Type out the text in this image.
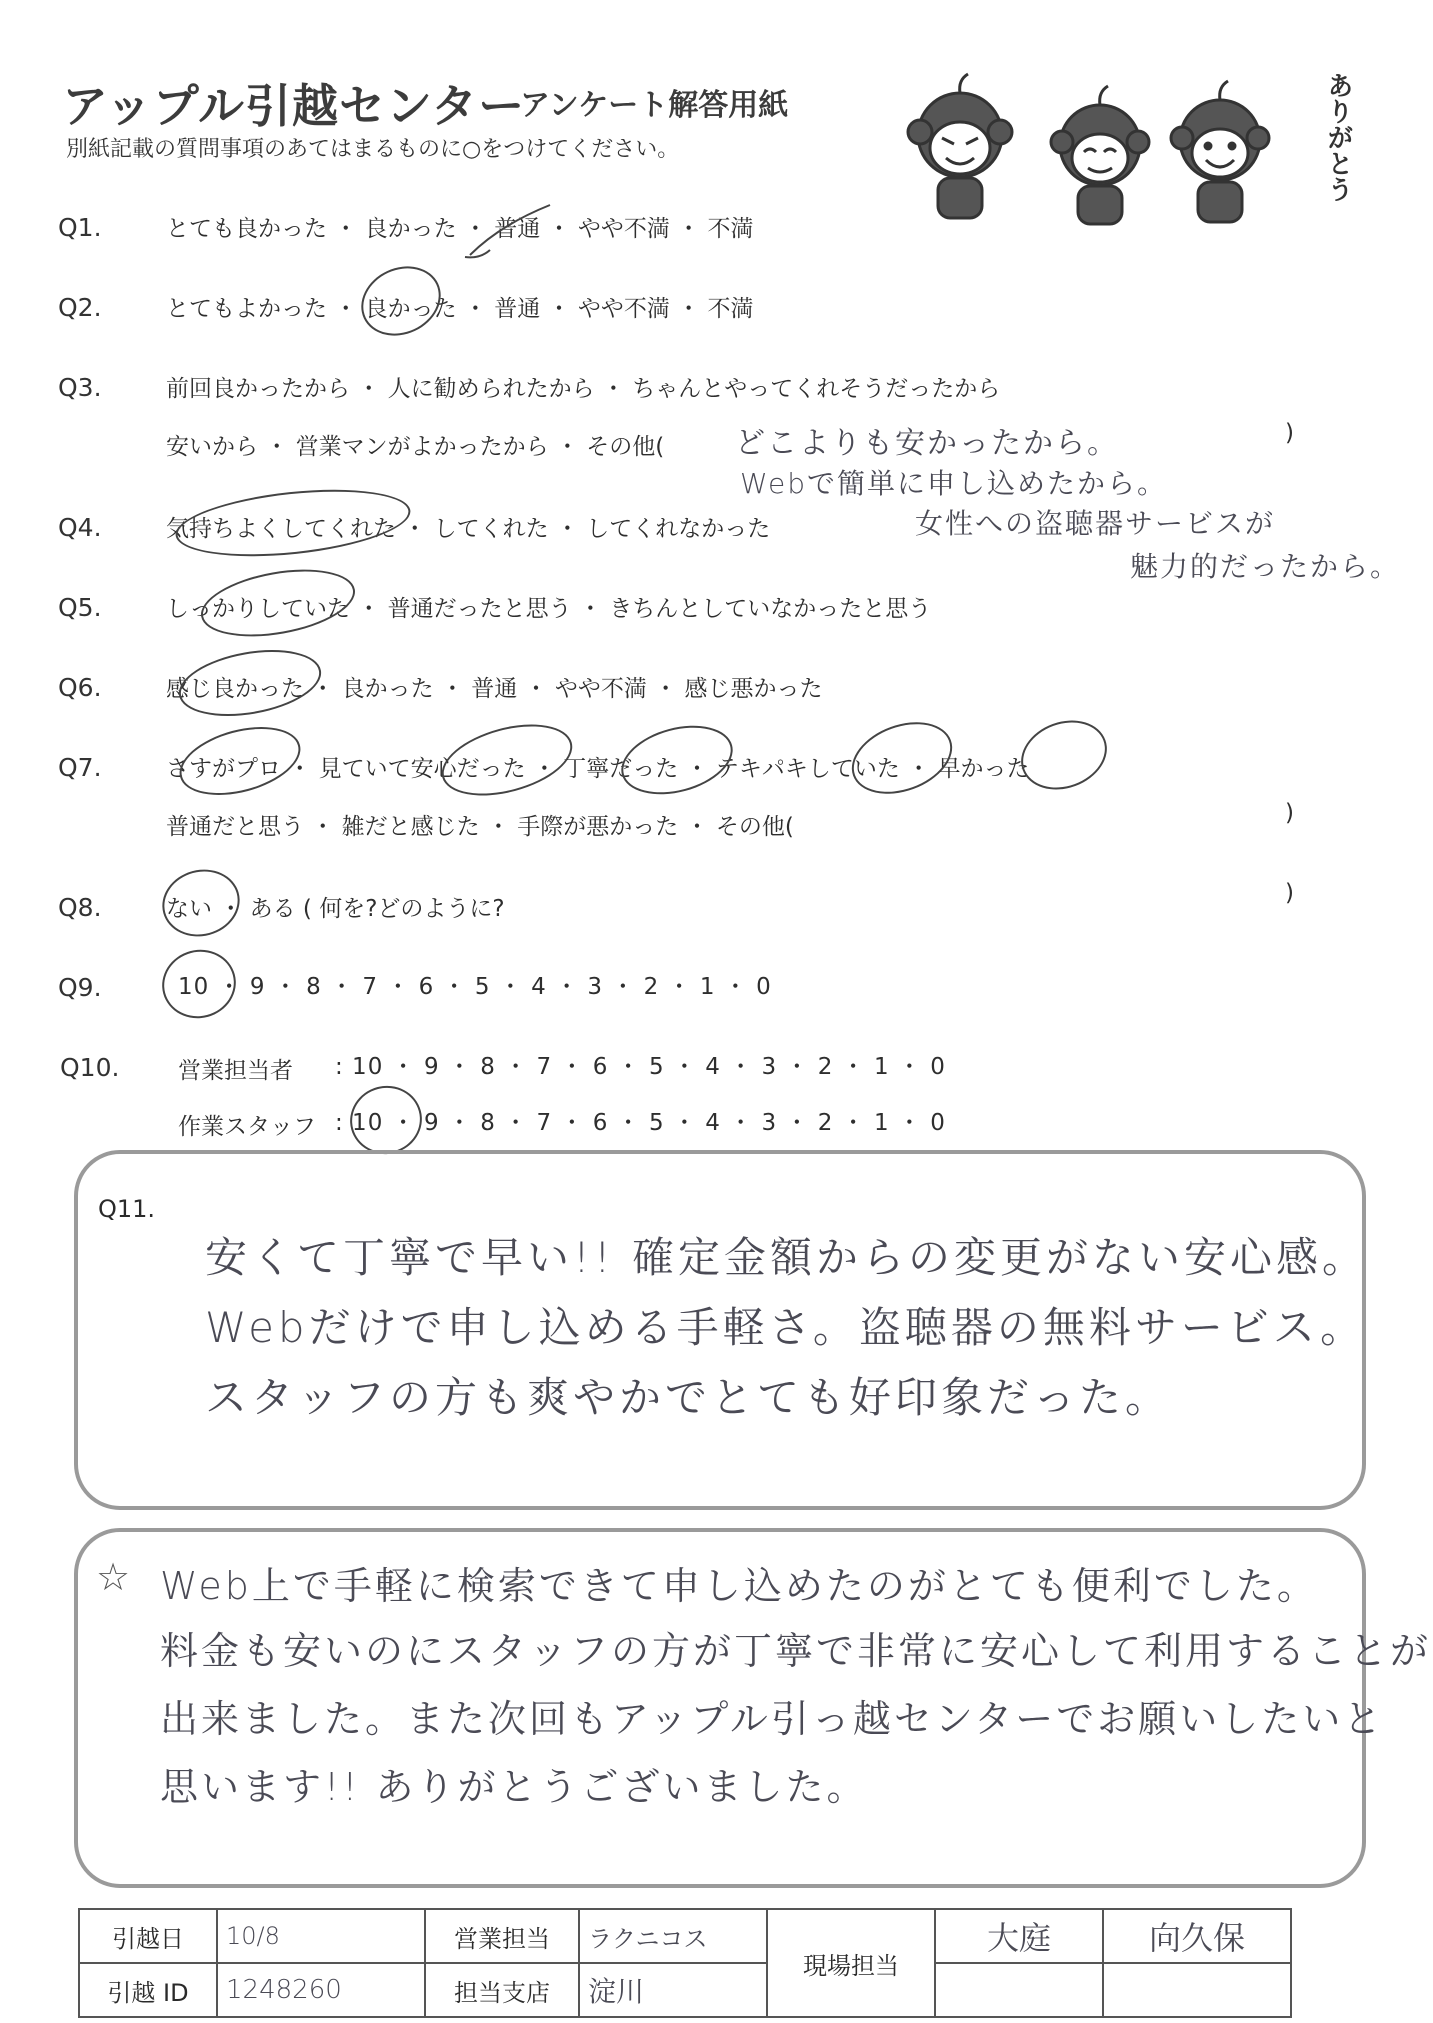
アップル引越センター
アンケート解答用紙
別紙記載の質問事項のあてはまるものに○をつけてください。	ありがとう
Q1.	とても良かった ・ 良かった ・ 普通 ・ やや不満 ・ 不満
Q2.	とてもよかった ・ 良かった ・ 普通 ・ やや不満 ・ 不満
Q3.	前回良かったから ・ 人に勧められたから ・ ちゃんとやってくれそうだったから
安いから ・ 営業マンがよかったから ・ その他(
)
どこよりも安かったから。
Webで簡単に申し込めたから。
女性への盗聴器サービスが
魅力的だったから。
Q4.	気持ちよくしてくれた ・ してくれた ・ してくれなかった
Q5.	しっかりしていた ・ 普通だったと思う ・ きちんとしていなかったと思う
Q6.	感じ良かった ・ 良かった ・ 普通 ・ やや不満 ・ 感じ悪かった
Q7.	さすがプロ ・ 見ていて安心だった ・ 丁寧だった ・ テキパキしていた ・ 早かった
普通だと思う ・ 雑だと感じた ・ 手際が悪かった ・ その他(
)
Q8.	ない ・ ある ( 何を?どのように?
)
Q9.	10 ・ 9 ・ 8 ・ 7 ・ 6 ・ 5 ・ 4 ・ 3 ・ 2 ・ 1 ・ 0
Q10.	営業担当者 : 10 ・ 9 ・ 8 ・ 7 ・ 6 ・ 5 ・ 4 ・ 3 ・ 2 ・ 1 ・ 0
作業スタッフ : 10 ・ 9 ・ 8 ・ 7 ・ 6 ・ 5 ・ 4 ・ 3 ・ 2 ・ 1 ・ 0
Q11.
安くて丁寧で早い!! 確定金額からの変更がない安心感。
Webだけで申し込める手軽さ。盗聴器の無料サービス。
スタッフの方も爽やかでとても好印象だった。
☆ Web上で手軽に検索できて申し込めたのがとても便利でした。
料金も安いのにスタッフの方が丁寧で非常に安心して利用することが
出来ました。また次回もアップル引っ越センターでお願いしたいと
思います!! ありがとうございました。
引越日	10/8	営業担当	ラクニコス	現場担当	大庭	向久保
引越 ID	1248260	担当支店	淀川			
